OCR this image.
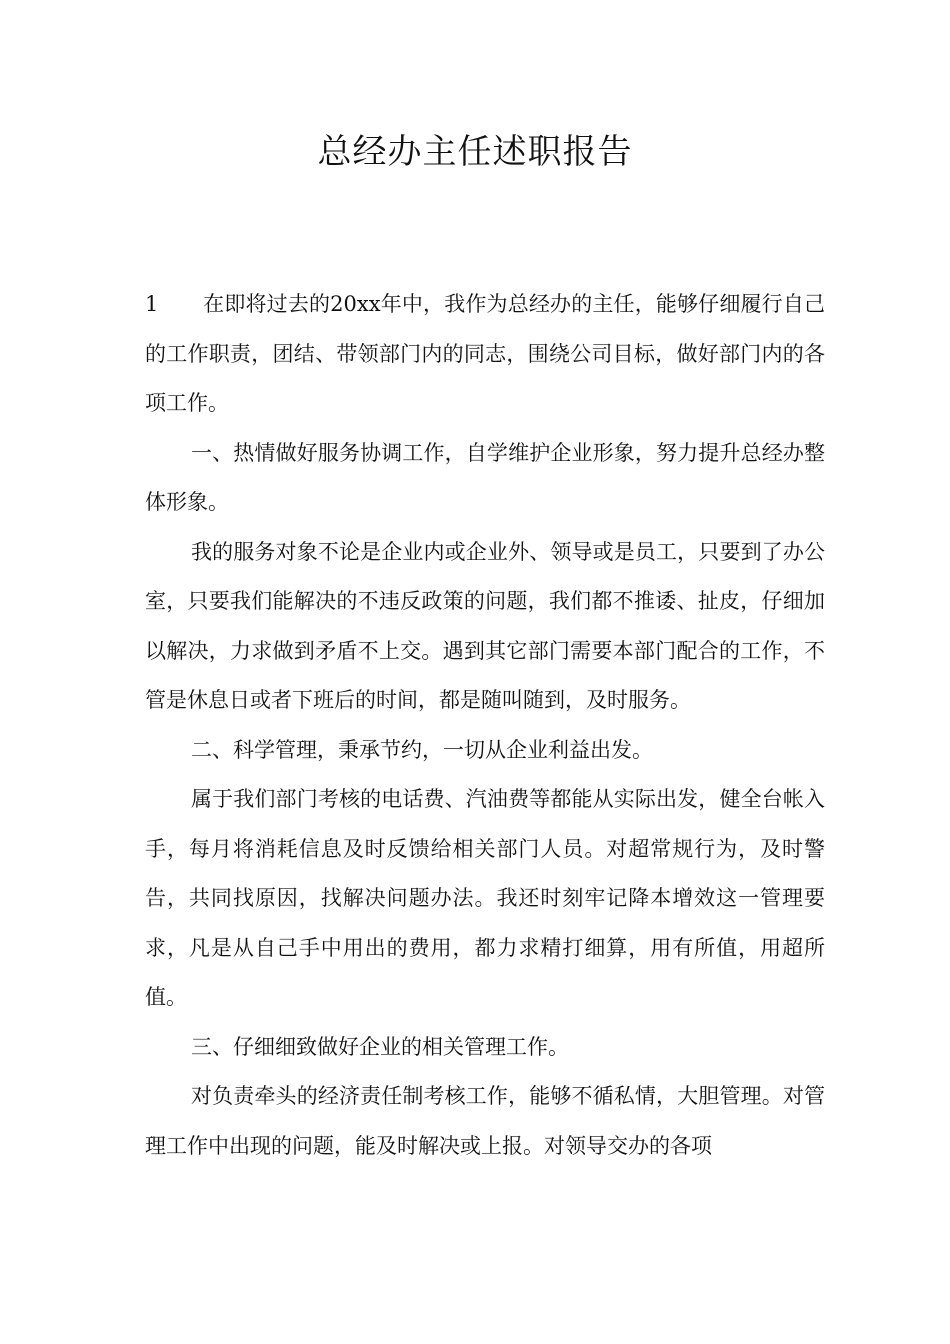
总经办主任述职报告

1 在即将过去的20xx年中，我作为总经办的主任，能够仔细履行自己的工作职责，团结、带领部门内的同志，围绕公司目标，做好部门内的各项工作。

一、热情做好服务协调工作，自学维护企业形象，努力提升总经办整体形象。

我的服务对象不论是企业内或企业外、领导或是员工，只要到了办公室，只要我们能解决的不违反政策的问题，我们都不推诿、扯皮，仔细加以解决，力求做到矛盾不上交。遇到其它部门需要本部门配合的工作，不管是休息日或者下班后的时间，都是随叫随到，及时服务。

二、科学管理，秉承节约，一切从企业利益出发。

属于我们部门考核的电话费、汽油费等都能从实际出发，健全台帐入手，每月将消耗信息及时反馈给相关部门人员。对超常规行为，及时警告，共同找原因，找解决问题办法。我还时刻牢记降本增效这一管理要求，凡是从自己手中用出的费用，都力求精打细算，用有所值，用超所值。

三、仔细细致做好企业的相关管理工作。

对负责牵头的经济责任制考核工作，能够不循私情，大胆管理。对管理工作中出现的问题，能及时解决或上报。对领导交办的各项
